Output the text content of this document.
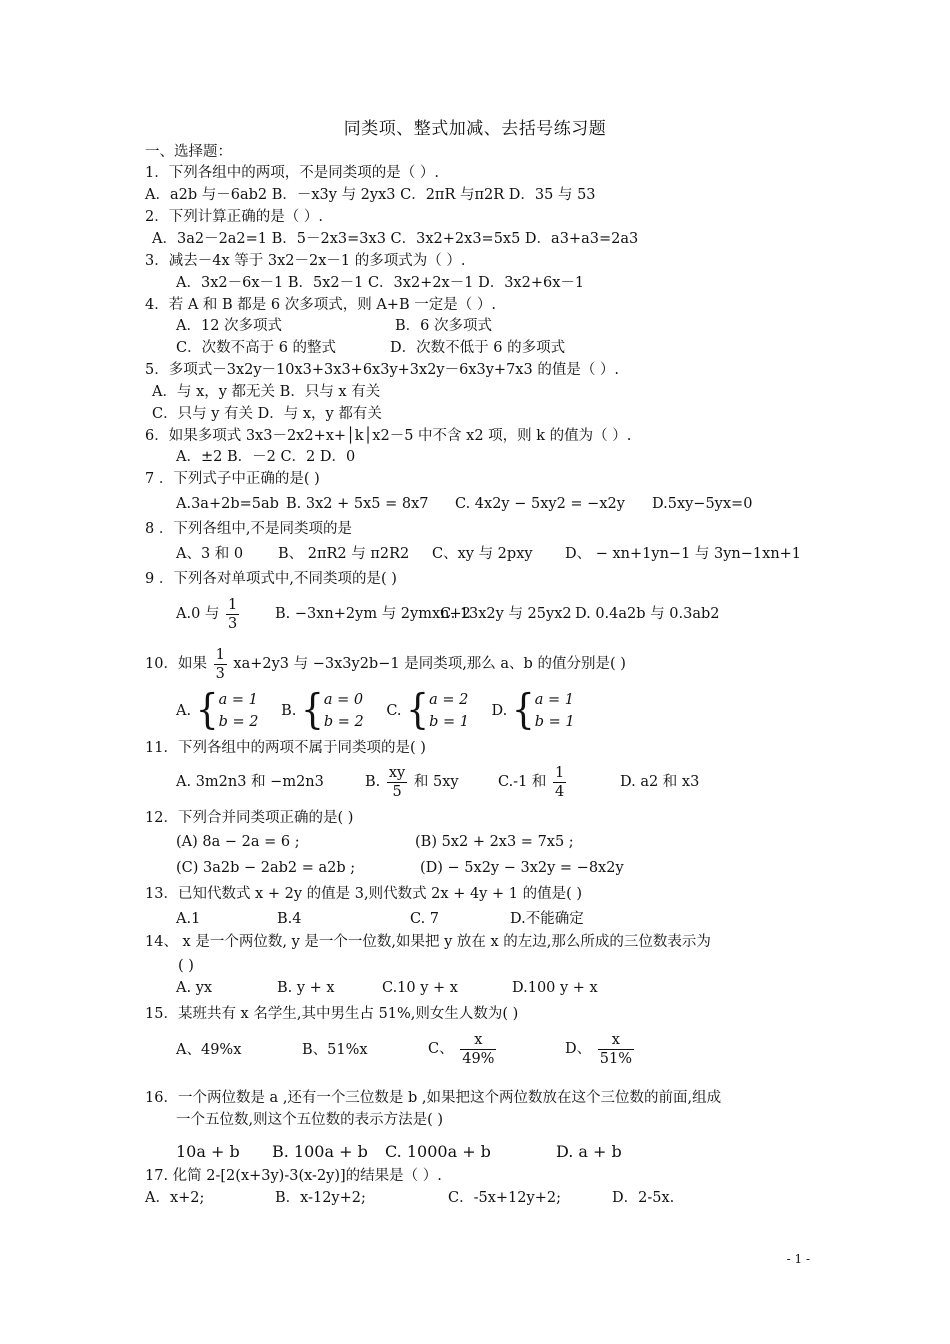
同类项、整式加减、去括号练习题
一、选择题：
1．下列各组中的两项，不是同类项的是（ ）.
A．a2b 与－6ab2 B．－x3y 与 2yx3 C．2πR 与π2R D．35 与 53
2．下列计算正确的是（ ）.
A．3a2－2a2=1 B．5－2x3=3x3 C．3x2+2x3=5x5 D．a3+a3=2a3
3．减去－4x 等于 3x2－2x－1 的多项式为（ ）.
A．3x2－6x－1 B．5x2－1 C．3x2+2x－1 D．3x2+6x－1
4．若 A 和 B 都是 6 次多项式，则 A+B 一定是（ ）.
A．12 次多项式	B．6 次多项式
C．次数不高于 6 的整式	D．次数不低于 6 的多项式
5．多项式－3x2y－10x3+3x3+6x3y+3x2y－6x3y+7x3 的值是（ ）.
A．与 x，y 都无关 B．只与 x 有关
C．只与 y 有关 D．与 x，y 都有关
6．如果多项式 3x3－2x2+x+│k│x2－5 中不含 x2 项，则 k 的值为（ ）.
A．±2 B．－2 C．2 D．0
7 ．下列式子中正确的是( )
A.3a+2b=5ab B. 3x2 + 5x5 = 8x7 C. 4x2y − 5xy2 = −x2y D.5xy−5yx=0
8 ．下列各组中,不是同类项的是
A、3 和 0 B、 2πR2 与 π2R2 C、xy 与 2pxy D、 − xn+1yn−1 与 3yn−1xn+1
9 ．下列各对单项式中,不同类项的是( )
A.0 与 $\frac{1}{3} B$. −3xn+2ym 与 2ymxn+2
C. 13x2y 与 25yx2 D. 0.4a2b 与 0.3ab2
10．如果 $\frac{1}{3} xa+2y3$ 与 −3x3y2b−1 是同类项,那么 a、b 的值分别是( )
A. {a = 1
b = 2 B. {a = 0
b = 2 C. {a = 2
b = 1 D. {a = 1
b = 1
11．下列各组中的两项不属于同类项的是( )
A. 3m2n3 和 −m2n3	B. $\frac{xy}{5}$ 和 5xy	C.-1 和 $\frac{1}{4}$	D. a2 和 x3
12．下列合并同类项正确的是( )
(A) 8a − 2a = 6 ;	(B) 5x2 + 2x3 = 7x5 ;
(C) 3a2b − 2ab2 = a2b ;	(D) − 5x2y − 3x2y = −8x2y
13．已知代数式 x + 2y 的值是 3,则代数式 2x + 4y + 1 的值是( )
A.1	B.4	C. 7	D.不能确定
14、 x 是一个两位数, y 是一个一位数,如果把 y 放在 x 的左边,那么所成的三位数表示为
( )
A. yx	B. y + x	C.10 y + x	D.100 y + x
15．某班共有 x 名学生,其中男生占 51%,则女生人数为( )
A、49%x	B、51%x	C、 $\frac{x}{49\%}$	D、 $\frac{x}{51\%}$
16．一个两位数是 a ,还有一个三位数是 b ,如果把这个两位数放在这个三位数的前面,组成
一个五位数,则这个五位数的表示方法是( )
10a + b B. 100a + b C. 1000a + b	D. a + b
17. 化简 2-[2(x+3y)-3(x-2y)]的结果是（ ）.
A．x+2;	B．x-12y+2;	C．-5x+12y+2;	D．2-5x.
- 1 -
